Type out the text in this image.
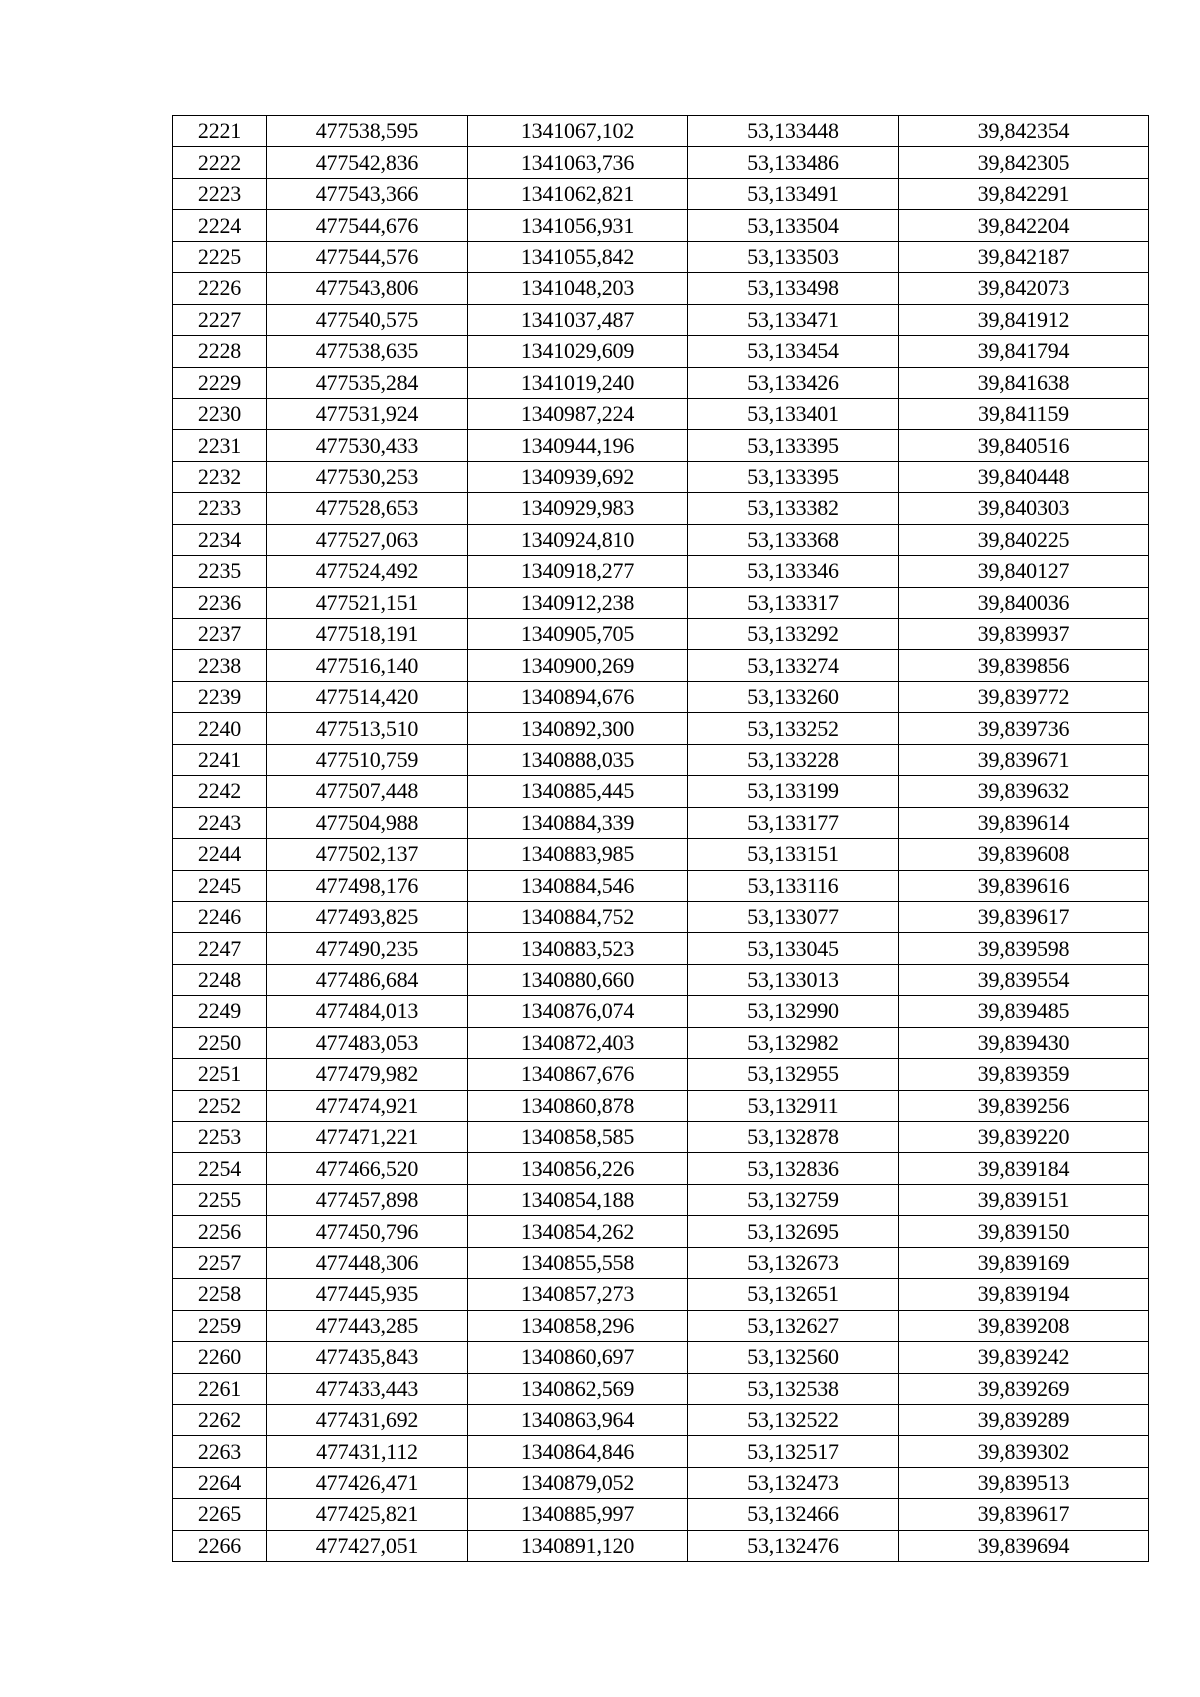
2221	477538,595	1341067,102	53,133448	39,842354
2222	477542,836	1341063,736	53,133486	39,842305
2223	477543,366	1341062,821	53,133491	39,842291
2224	477544,676	1341056,931	53,133504	39,842204
2225	477544,576	1341055,842	53,133503	39,842187
2226	477543,806	1341048,203	53,133498	39,842073
2227	477540,575	1341037,487	53,133471	39,841912
2228	477538,635	1341029,609	53,133454	39,841794
2229	477535,284	1341019,240	53,133426	39,841638
2230	477531,924	1340987,224	53,133401	39,841159
2231	477530,433	1340944,196	53,133395	39,840516
2232	477530,253	1340939,692	53,133395	39,840448
2233	477528,653	1340929,983	53,133382	39,840303
2234	477527,063	1340924,810	53,133368	39,840225
2235	477524,492	1340918,277	53,133346	39,840127
2236	477521,151	1340912,238	53,133317	39,840036
2237	477518,191	1340905,705	53,133292	39,839937
2238	477516,140	1340900,269	53,133274	39,839856
2239	477514,420	1340894,676	53,133260	39,839772
2240	477513,510	1340892,300	53,133252	39,839736
2241	477510,759	1340888,035	53,133228	39,839671
2242	477507,448	1340885,445	53,133199	39,839632
2243	477504,988	1340884,339	53,133177	39,839614
2244	477502,137	1340883,985	53,133151	39,839608
2245	477498,176	1340884,546	53,133116	39,839616
2246	477493,825	1340884,752	53,133077	39,839617
2247	477490,235	1340883,523	53,133045	39,839598
2248	477486,684	1340880,660	53,133013	39,839554
2249	477484,013	1340876,074	53,132990	39,839485
2250	477483,053	1340872,403	53,132982	39,839430
2251	477479,982	1340867,676	53,132955	39,839359
2252	477474,921	1340860,878	53,132911	39,839256
2253	477471,221	1340858,585	53,132878	39,839220
2254	477466,520	1340856,226	53,132836	39,839184
2255	477457,898	1340854,188	53,132759	39,839151
2256	477450,796	1340854,262	53,132695	39,839150
2257	477448,306	1340855,558	53,132673	39,839169
2258	477445,935	1340857,273	53,132651	39,839194
2259	477443,285	1340858,296	53,132627	39,839208
2260	477435,843	1340860,697	53,132560	39,839242
2261	477433,443	1340862,569	53,132538	39,839269
2262	477431,692	1340863,964	53,132522	39,839289
2263	477431,112	1340864,846	53,132517	39,839302
2264	477426,471	1340879,052	53,132473	39,839513
2265	477425,821	1340885,997	53,132466	39,839617
2266	477427,051	1340891,120	53,132476	39,839694
